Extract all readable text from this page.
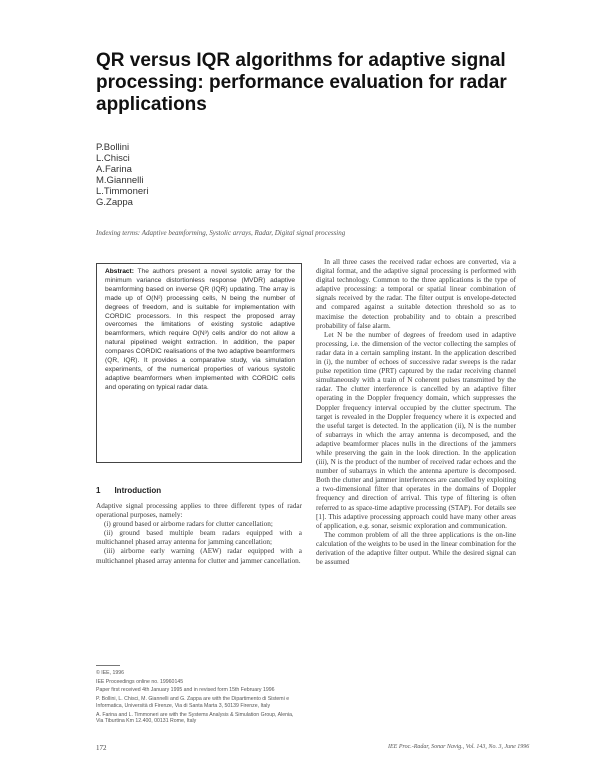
QR versus IQR algorithms for adaptive signal processing: performance evaluation for radar applications
P.Bollini
L.Chisci
A.Farina
M.Giannelli
L.Timmoneri
G.Zappa
Indexing terms: Adaptive beamforming, Systolic arrays, Radar, Digital signal processing
Abstract: The authors present a novel systolic array for the minimum variance distortionless response (MVDR) adaptive beamforming based on inverse QR (IQR) updating. The array is made up of O(N²) processing cells, N being the number of degrees of freedom, and is suitable for implementation with CORDIC processors. In this respect the proposed array overcomes the limitations of existing systolic adaptive beamformers, which require O(N³) cells and/or do not allow a natural pipelined weight extraction. In addition, the paper compares CORDIC realisations of the two adaptive beamformers (QR, IQR). It provides a comparative study, via simulation experiments, of the numerical properties of various systolic adaptive beamformers when implemented with CORDIC cells and operating on typical radar data.
1 Introduction

Adaptive signal processing applies to three different types of radar operational purposes, namely:

(i) ground based or airborne radars for clutter cancellation;

(ii) ground based multiple beam radars equipped with a multichannel phased array antenna for jamming cancellation;

(iii) airborne early warning (AEW) radar equipped with a multichannel phased array antenna for clutter and jammer cancellation.

© IEE, 1996
IEE Proceedings online no. 19960145
Paper first received 4th January 1995 and in revised form 15th February 1996
P. Bollini, L. Chisci, M. Giannelli and G. Zappa are with the Dipartimento di Sistemi e Informatica, Università di Firenze, Via di Santa Marta 3, 50139 Firenze, Italy
A. Farina and L. Timmoneri are with the Systems Analysis & Simulation Group, Alenia, Via Tiburtina Km 12.400, 00131 Rome, Italy

In all three cases the received radar echoes are converted, via a digital format, and the adaptive signal processing is performed with digital technology. Common to the three applications is the type of adaptive processing: a temporal or spatial linear combination of signals received by the radar. The filter output is envelope-detected and compared against a suitable detection threshold so as to maximise the detection probability and to obtain a prescribed probability of false alarm.

Let N be the number of degrees of freedom used in adaptive processing, i.e. the dimension of the vector collecting the samples of radar data in a certain sampling instant. In the application described in (i), the number of echoes of successive radar sweeps is the radar pulse repetition time (PRT) captured by the radar receiving channel simultaneously with a train of N coherent pulses transmitted by the radar. The clutter interference is cancelled by an adaptive filter operating in the Doppler frequency domain, which suppresses the Doppler frequency interval occupied by the clutter spectrum. The target is revealed in the Doppler frequency where it is expected and the useful target is detected. In the application (ii), N is the number of subarrays in which the array antenna is decomposed, and the adaptive beamformer places nulls in the directions of the jammers while preserving the gain in the look direction. In the application (iii), N is the product of the number of received radar echoes and the number of subarrays in which the antenna aperture is decomposed. Both the clutter and jammer interferences are cancelled by exploiting a two-dimensional filter that operates in the domains of Doppler frequency and direction of arrival. This type of filtering is often referred to as space-time adaptive processing (STAP). For details see [1]. This adaptive processing approach could have many other areas of application, e.g. sonar, seismic exploration and communication.

The common problem of all the three applications is the on-line calculation of the weights to be used in the linear combination for the derivation of the adaptive filter output. While the desired signal can be assumed

172	IEE Proc.-Radar, Sonar Navig., Vol. 143, No. 3, June 1996
